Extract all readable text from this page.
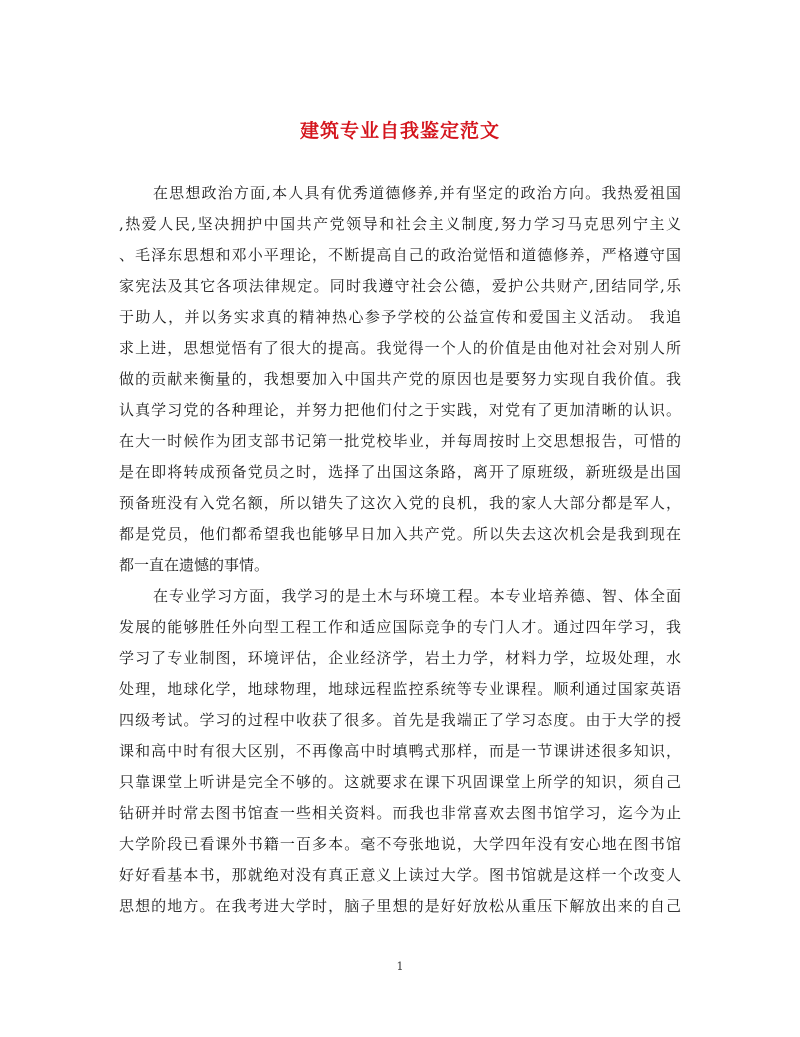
建筑专业自我鉴定范文
在思想政治方面,本人具有优秀道德修养,并有坚定的政治方向。我热爱祖国
,热爱人民,坚决拥护中国共产党领导和社会主义制度,努力学习马克思列宁主义
、毛泽东思想和邓小平理论，不断提高自己的政治觉悟和道德修养，严格遵守国
家宪法及其它各项法律规定。同时我遵守社会公德，爱护公共财产,团结同学,乐
于助人，并以务实求真的精神热心参予学校的公益宣传和爱国主义活动。 我追
求上进，思想觉悟有了很大的提高。我觉得一个人的价值是由他对社会对别人所
做的贡献来衡量的，我想要加入中国共产党的原因也是要努力实现自我价值。我
认真学习党的各种理论，并努力把他们付之于实践，对党有了更加清晰的认识。
在大一时候作为团支部书记第一批党校毕业，并每周按时上交思想报告，可惜的
是在即将转成预备党员之时，选择了出国这条路，离开了原班级，新班级是出国
预备班没有入党名额，所以错失了这次入党的良机，我的家人大部分都是军人，
都是党员，他们都希望我也能够早日加入共产党。所以失去这次机会是我到现在
都一直在遗憾的事情。
在专业学习方面，我学习的是土木与环境工程。本专业培养德、智、体全面
发展的能够胜任外向型工程工作和适应国际竞争的专门人才。通过四年学习，我
学习了专业制图，环境评估，企业经济学，岩土力学，材料力学，垃圾处理，水
处理，地球化学，地球物理，地球远程监控系统等专业课程。顺利通过国家英语
四级考试。学习的过程中收获了很多。首先是我端正了学习态度。由于大学的授
课和高中时有很大区别，不再像高中时填鸭式那样，而是一节课讲述很多知识，
只靠课堂上听讲是完全不够的。这就要求在课下巩固课堂上所学的知识，须自己
钻研并时常去图书馆查一些相关资料。而我也非常喜欢去图书馆学习，迄今为止
大学阶段已看课外书籍一百多本。毫不夸张地说，大学四年没有安心地在图书馆
好好看基本书，那就绝对没有真正意义上读过大学。图书馆就是这样一个改变人
思想的地方。在我考进大学时，脑子里想的是好好放松从重压下解放出来的自己
1
